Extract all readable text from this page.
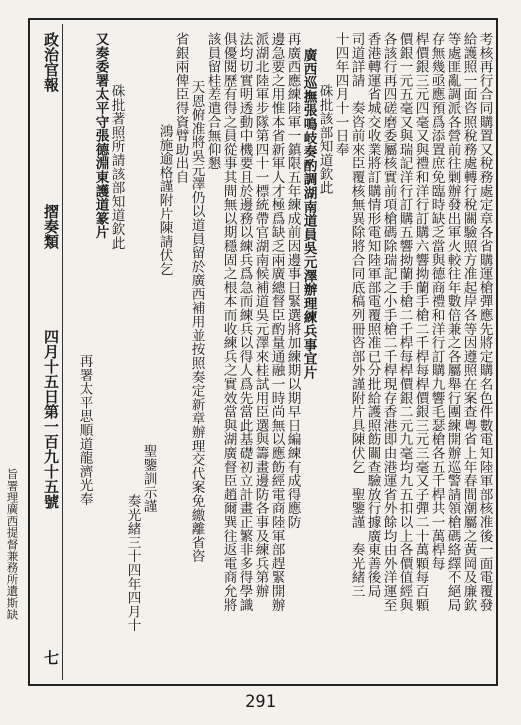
政治官報
摺奏類
四月十五日第一百九十五號
七
考核再行合同購置又稅務處定章各省購運槍彈應先將定購名色件數電知陸軍部核准後一面電覆發
給護照一面咨照稅務處轉行稅關驗照方准起岸各等因遵照在案查粵省上年春間潮屬之黃岡及廉欽
等處匪亂調派各營前往剿辦發出軍火較往年數倍兼之各屬舉行團練開辦巡警請領槍碼絡繹不絕局
存無幾亟應預爲添置庶免臨時缺乏當與德商禮和洋行訂購九響毛瑟槍各五千桿共一萬桿每
桿價銀三元四毫又與禮和洋行訂購六響拗蘭手槍二千桿每桿價銀三元三毫又子彈二十萬顆每百顆
價銀一元五毫又與瑞記洋行訂購五響拗蘭手槍二千桿每桿價銀二元九毫均九五扣以上各價值經與
各該行再四磋磨委屬核實前項槍碼除瑞記之小手槍二千桿現存香港即由港運省外餘均由外洋運至
香港轉運省城交收業將訂購情形電知陸軍部電覆照准已分批給護照飭關查驗放行據廣東善後局
司道詳請　奏咨前來臣覆核無異除將合同底稿列冊咨部外謹附片具陳伏乞　聖鑒謹　奏光緒三
十四年四月十一日奉
硃批該部知道欽此
廣西巡撫張鳴岐奏酌調湖南道員吳元澤辦理練兵事宜片
再廣西應練陸軍一鎮限五年練成前因邊事日緊選將加練期以期早日編練有成得應防
邊急要之用惟本省新軍人才極爲缺乏兩廣總督臣酌量通融一時尚無以應飭經電商陸軍部趕緊開辦
派湖北陸軍步隊第四十一標統帶官湖南候補道吳元澤來桂試用臣選與籌畫邊防各事及練兵第辦
法均切實明透動中機要且於邊務以練兵爲急而練兵以得人爲先當此基礎初立計畫正繁非多得學識
俱優閱歷有得之員從事其間無以期穩固之根本而收練兵之實效當與湖廣督臣趙爾巽往返電商允將
該員留桂差遣合無仰懇
天恩俯准將吳元澤仍以道員留於廣西補用並按照奏定新章辦理交代案免繳離省咨
省銀兩俾臣得資臂助出自
鴻施逾格謹附片陳請伏乞
聖鑒訓示謹
奏光緒三十四年四月十
硃批著照所請該部知道欽此
又奏委署太平守張德淵東護道篆片
再署太平思順道龍濟光奉
旨署理廣西提督兼務所遺斯缺
291
